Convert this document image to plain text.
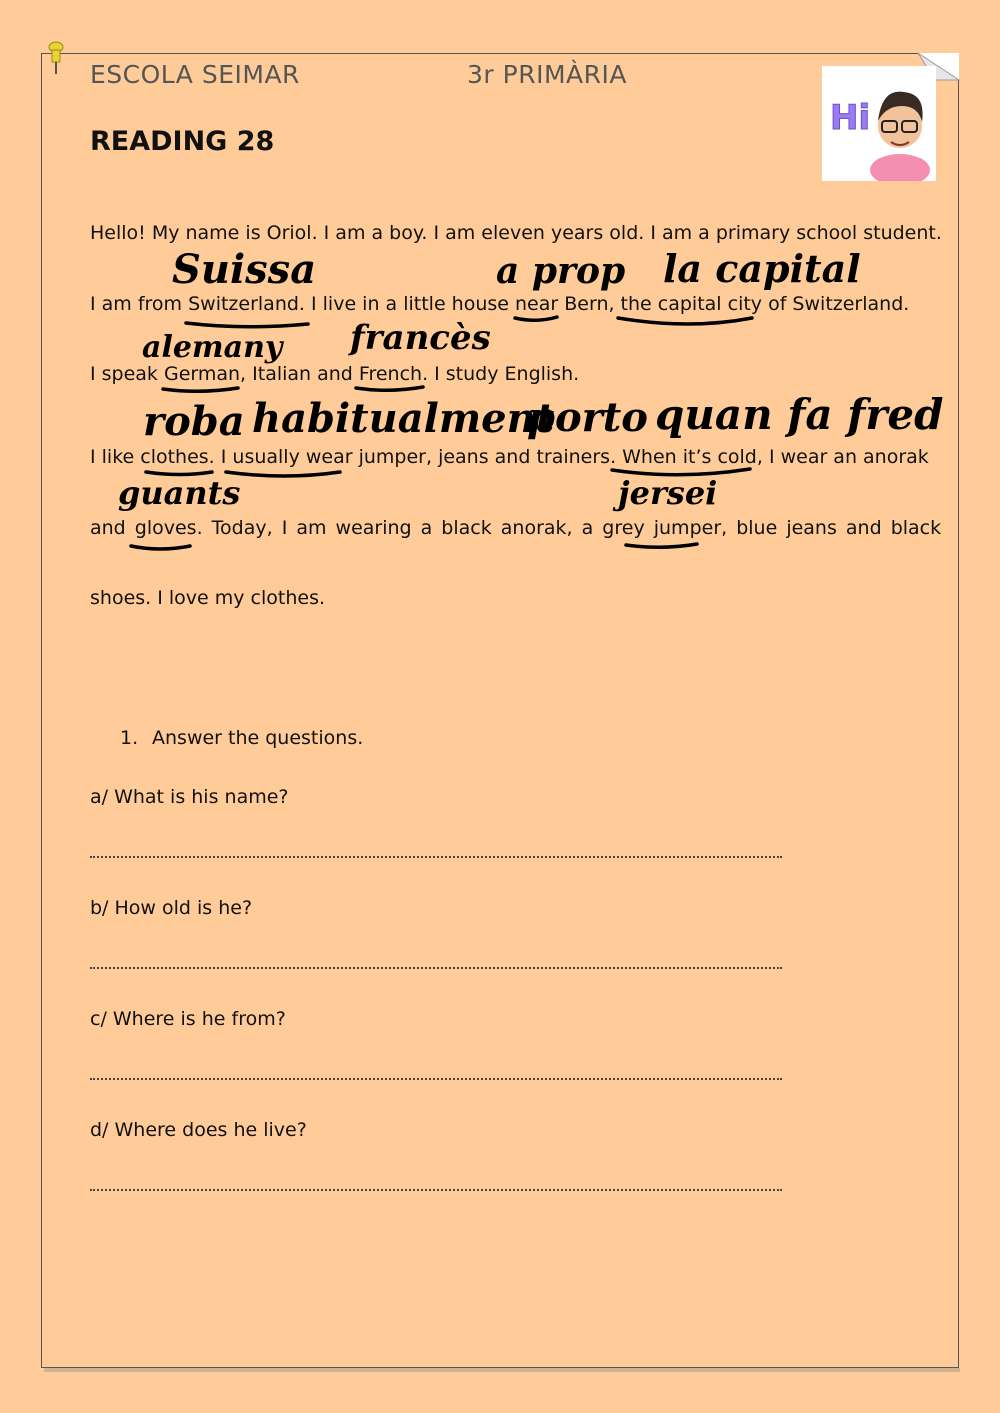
ESCOLA SEIMAR	3r PRIMÀRIA
Hi
READING 28
Hello! My name is Oriol. I am a boy. I am eleven years old. I am a primary school student.
I am from Switzerland. I live in a little house near Bern, the capital city of Switzerland.
I speak German, Italian and French. I study English.
I like clothes. I usually wear jumper, jeans and trainers. When it’s cold, I wear an anorak
and gloves. Today, I am wearing a black anorak, a grey jumper, blue jeans and black
shoes. I love my clothes.
Suissa	a prop la capital
alemany francès
roba habitualment
porto quan fa fred
guants	jersei
1. Answer the questions.
a/ What is his name?
b/ How old is he?
c/ Where is he from?
d/ Where does he live?
